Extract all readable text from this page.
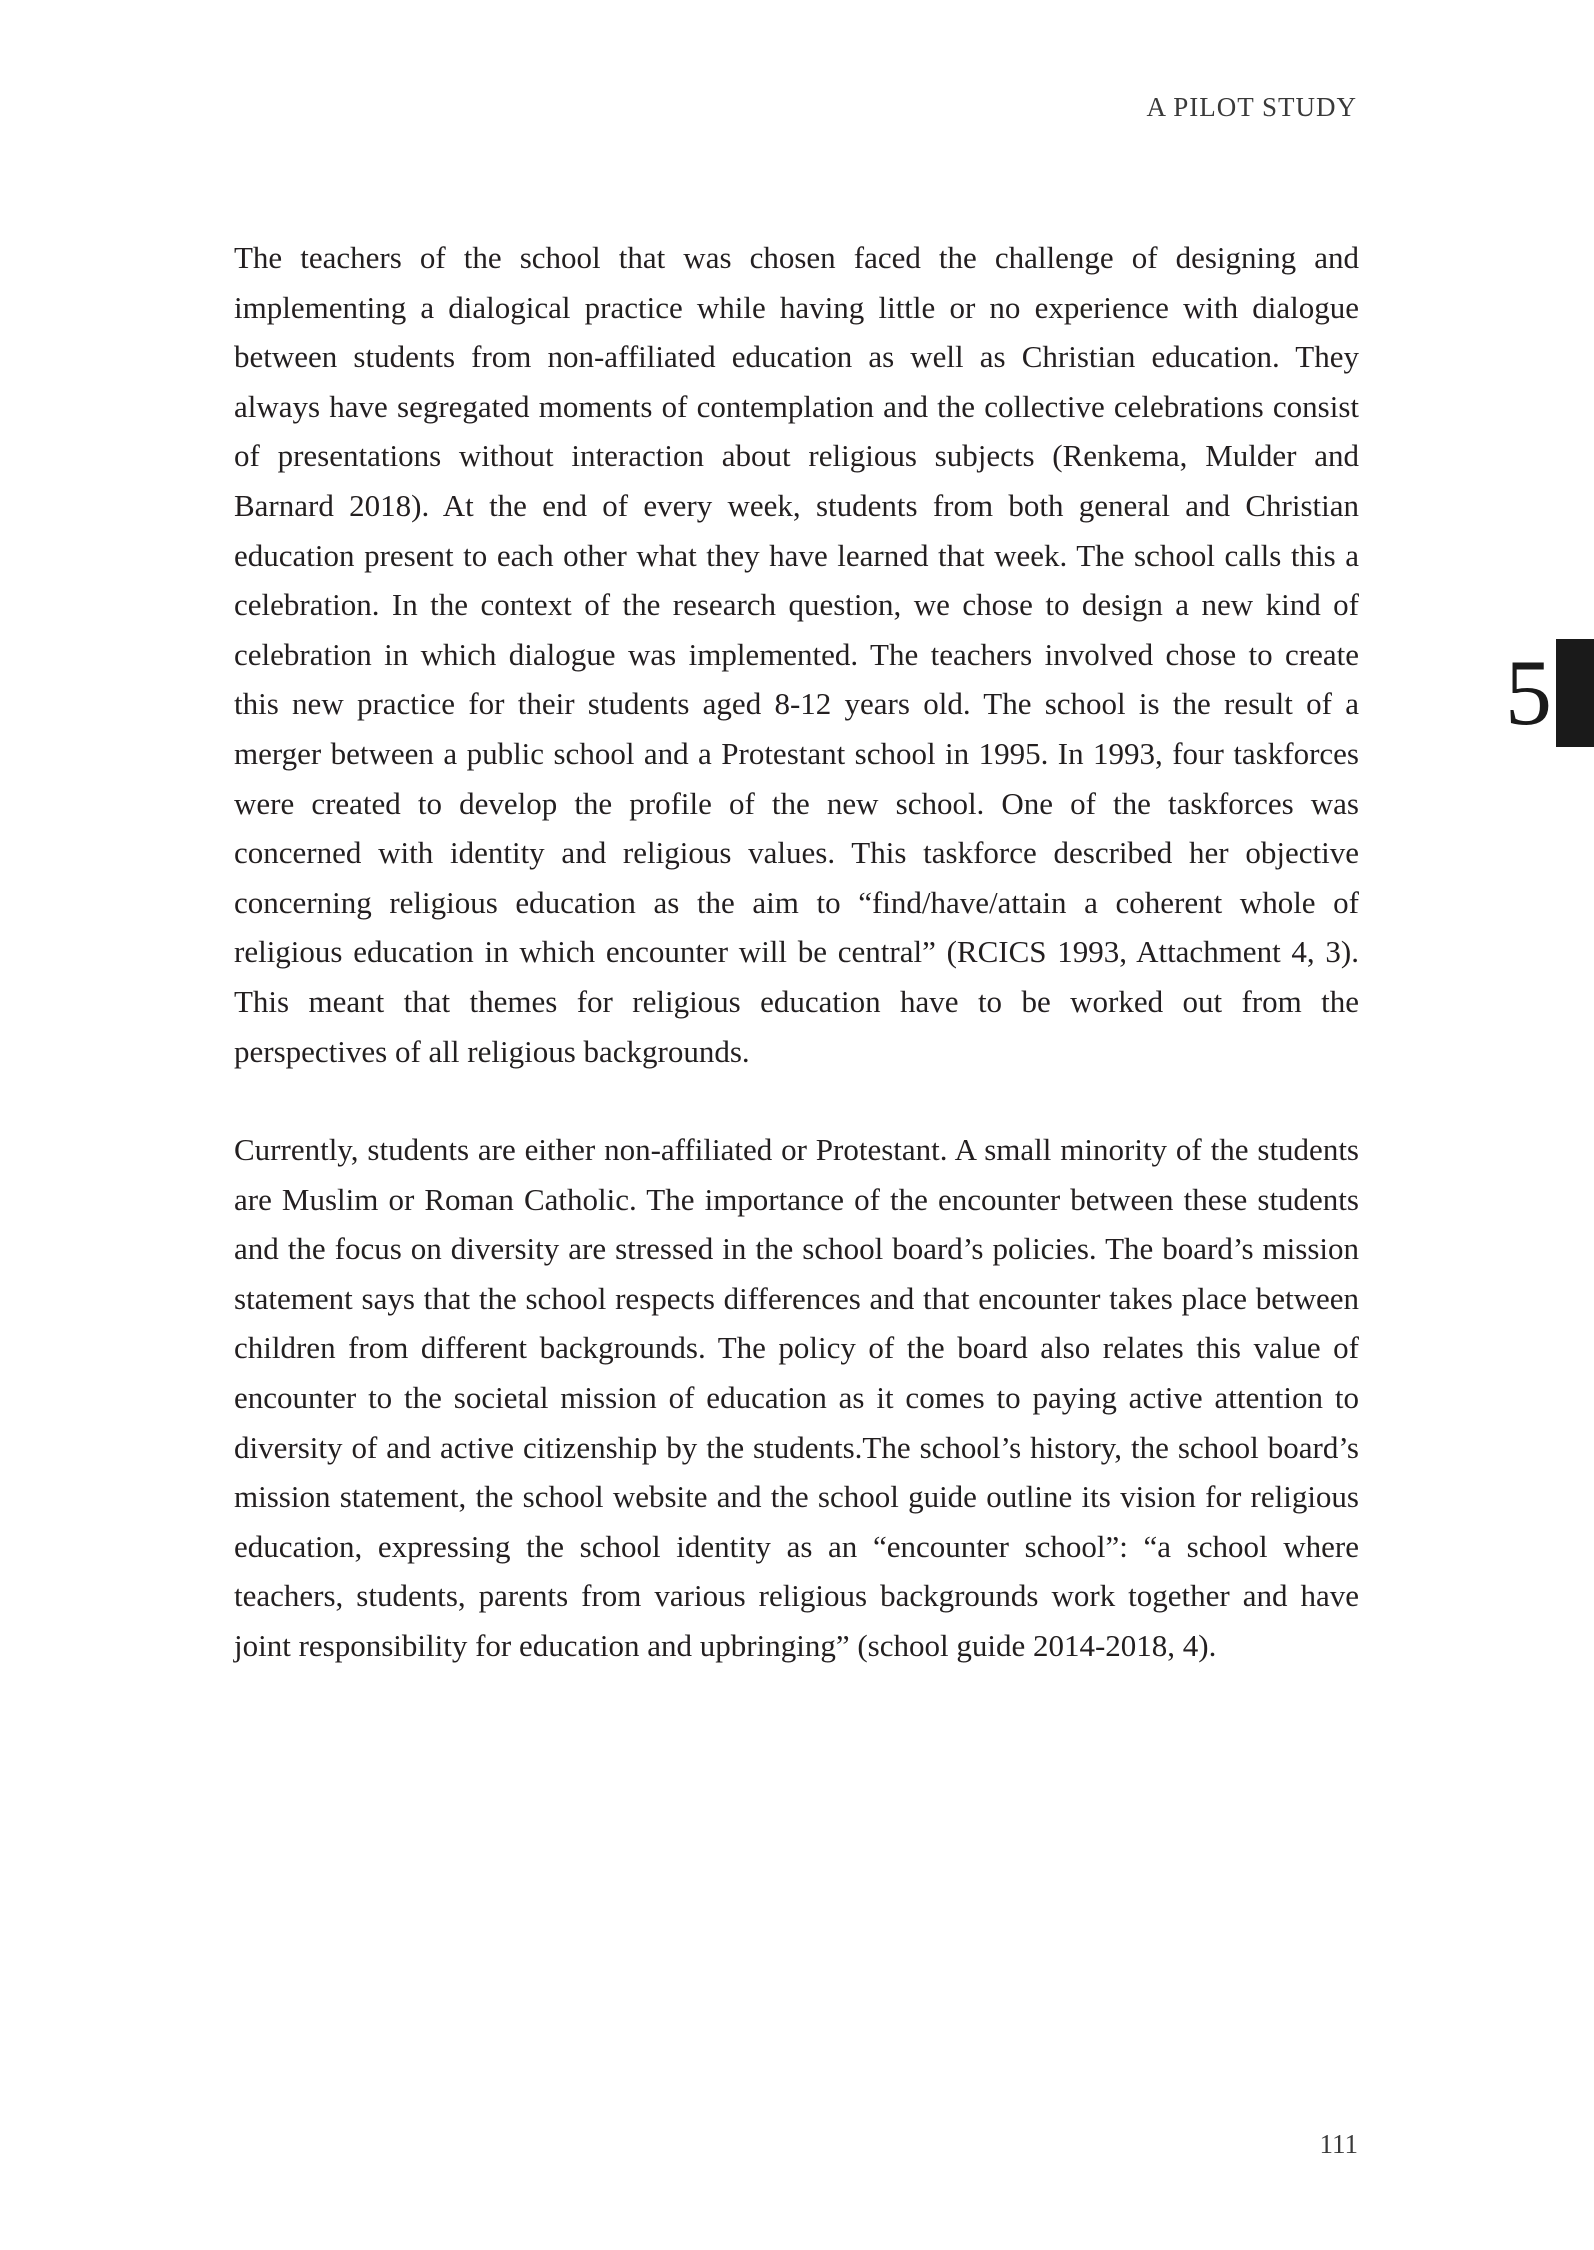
A PILOT STUDY
5

The teachers of the school that was chosen faced the challenge of designing and implementing a dialogical practice while having little or no experience with dialogue between students from non-affiliated education as well as Christian education. They always have segregated moments of contemplation and the collective celebrations consist of presentations without interaction about religious subjects (Renkema, Mulder and Barnard 2018). At the end of every week, students from both general and Christian education present to each other what they have learned that week. The school calls this a celebration. In the context of the research question, we chose to design a new kind of celebration in which dialogue was implemented. The teachers involved chose to create this new practice for their students aged 8-12 years old. The school is the result of a merger between a public school and a Protestant school in 1995. In 1993, four taskforces were created to develop the profile of the new school. One of the taskforces was concerned with identity and religious values. This taskforce described her objective concerning religious education as the aim to “find/have/attain a coherent whole of religious education in which encounter will be central” (RCICS 1993, Attachment 4, 3). This meant that themes for religious education have to be worked out from the perspectives of all religious backgrounds.

Currently, students are either non-affiliated or Protestant. A small minority of the students are Muslim or Roman Catholic. The importance of the encounter between these students and the focus on diversity are stressed in the school board’s policies. The board’s mission statement says that the school respects differences and that encounter takes place between children from different backgrounds. The policy of the board also relates this value of encounter to the societal mission of education as it comes to paying active attention to diversity of and active citizenship by the students.The school’s history, the school board’s mission statement, the school website and the school guide outline its vision for religious education, expressing the school identity as an “encounter school”: “a school where teachers, students, parents from various religious backgrounds work together and have joint responsibility for education and upbringing” (school guide 2014-2018, 4).

111
